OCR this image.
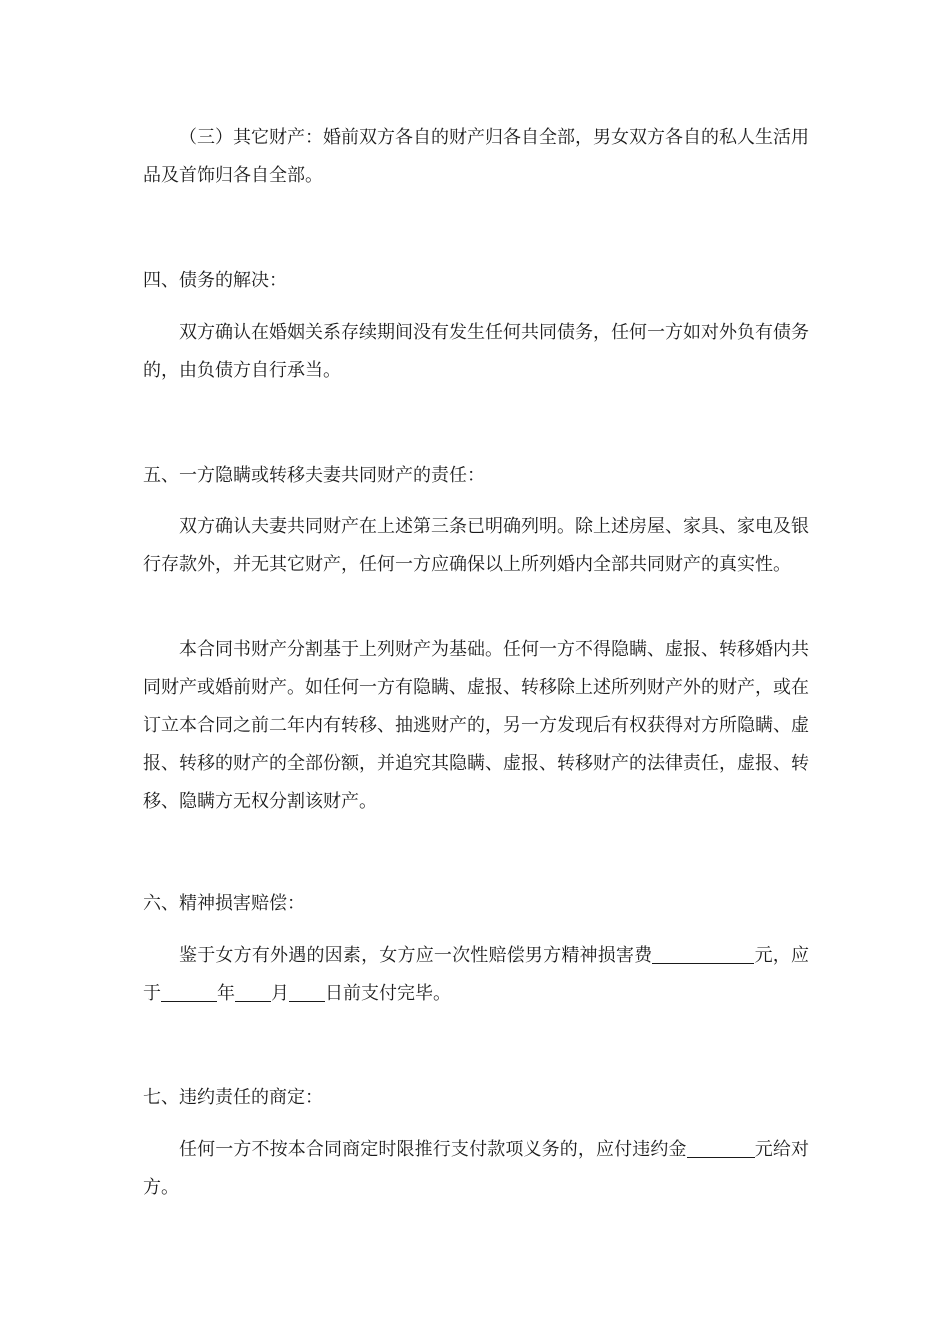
（三）其它财产：婚前双方各自的财产归各自全部，男女双方各自的私人生活用品及首饰归各自全部。

四、债务的解决：

双方确认在婚姻关系存续期间没有发生任何共同债务，任何一方如对外负有债务的，由负债方自行承当。

五、一方隐瞒或转移夫妻共同财产的责任：

双方确认夫妻共同财产在上述第三条已明确列明。除上述房屋、家具、家电及银行存款外，并无其它财产，任何一方应确保以上所列婚内全部共同财产的真实性。

本合同书财产分割基于上列财产为基础。任何一方不得隐瞒、虚报、转移婚内共同财产或婚前财产。如任何一方有隐瞒、虚报、转移除上述所列财产外的财产，或在订立本合同之前二年内有转移、抽逃财产的，另一方发现后有权获得对方所隐瞒、虚报、转移的财产的全部份额，并追究其隐瞒、虚报、转移财产的法律责任，虚报、转移、隐瞒方无权分割该财产。

六、精神损害赔偿：

鉴于女方有外遇的因素，女方应一次性赔偿男方精神损害费	元，应于	年 月 日前支付完毕。

七、违约责任的商定：

任何一方不按本合同商定时限推行支付款项义务的，应付违约金	元给对方。
